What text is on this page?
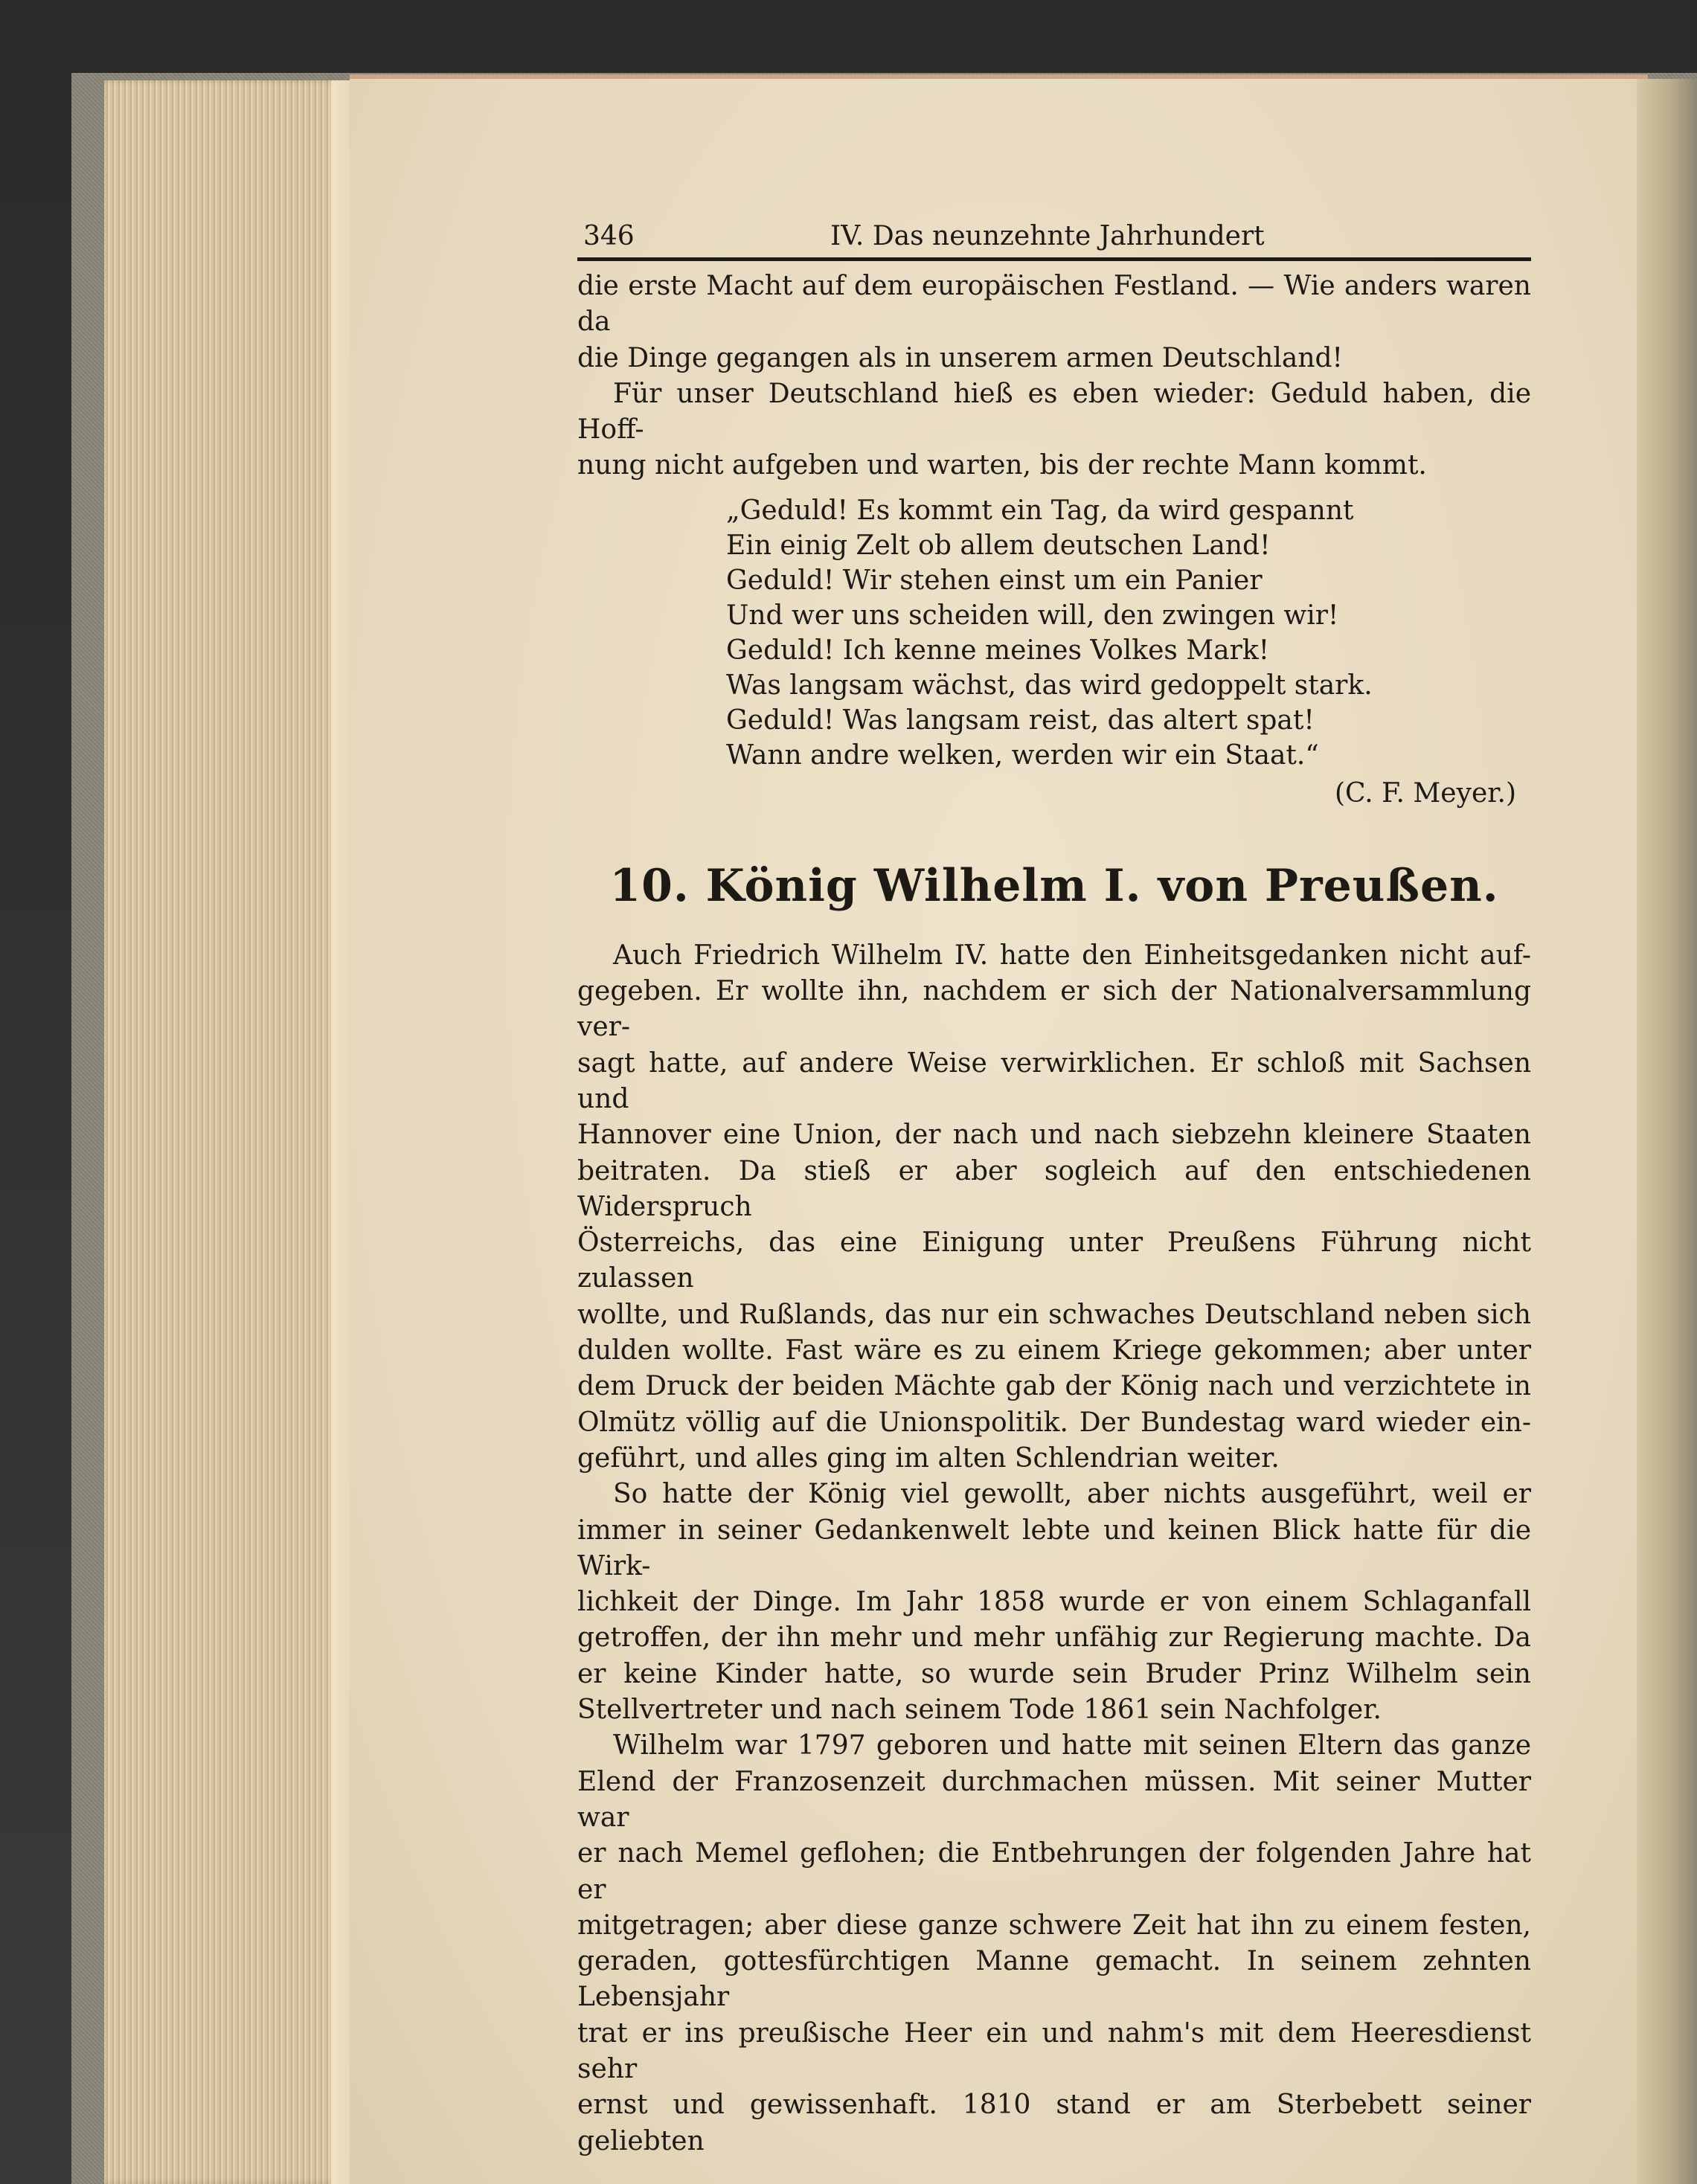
346	IV. Das neunzehnte Jahrhundert

die erste Macht auf dem europäischen Festland. — Wie anders waren da
die Dinge gegangen als in unserem armen Deutschland!

Für unser Deutschland hieß es eben wieder: Geduld haben, die Hoff-
nung nicht aufgeben und warten, bis der rechte Mann kommt.

„Geduld! Es kommt ein Tag, da wird gespannt
Ein einig Zelt ob allem deutschen Land!
Geduld! Wir stehen einst um ein Panier
Und wer uns scheiden will, den zwingen wir!
Geduld! Ich kenne meines Volkes Mark!
Was langsam wächst, das wird gedoppelt stark.
Geduld! Was langsam reist, das altert spat!
Wann andre welken, werden wir ein Staat.“
(C. F. Meyer.)
10. König Wilhelm I. von Preußen.

Auch Friedrich Wilhelm IV. hatte den Einheitsgedanken nicht auf-
gegeben. Er wollte ihn, nachdem er sich der Nationalversammlung ver-
sagt hatte, auf andere Weise verwirklichen. Er schloß mit Sachsen und
Hannover eine Union, der nach und nach siebzehn kleinere Staaten
beitraten. Da stieß er aber sogleich auf den entschiedenen Widerspruch
Österreichs, das eine Einigung unter Preußens Führung nicht zulassen
wollte, und Rußlands, das nur ein schwaches Deutschland neben sich
dulden wollte. Fast wäre es zu einem Kriege gekommen; aber unter
dem Druck der beiden Mächte gab der König nach und verzichtete in
Olmütz völlig auf die Unionspolitik. Der Bundestag ward wieder ein-
geführt, und alles ging im alten Schlendrian weiter.

So hatte der König viel gewollt, aber nichts ausgeführt, weil er
immer in seiner Gedankenwelt lebte und keinen Blick hatte für die Wirk-
lichkeit der Dinge. Im Jahr 1858 wurde er von einem Schlaganfall
getroffen, der ihn mehr und mehr unfähig zur Regierung machte. Da
er keine Kinder hatte, so wurde sein Bruder Prinz Wilhelm sein
Stellvertreter und nach seinem Tode 1861 sein Nachfolger.

Wilhelm war 1797 geboren und hatte mit seinen Eltern das ganze
Elend der Franzosenzeit durchmachen müssen. Mit seiner Mutter war
er nach Memel geflohen; die Entbehrungen der folgenden Jahre hat er
mitgetragen; aber diese ganze schwere Zeit hat ihn zu einem festen,
geraden, gottesfürchtigen Manne gemacht. In seinem zehnten Lebensjahr
trat er ins preußische Heer ein und nahm's mit dem Heeresdienst sehr
ernst und gewissenhaft. 1810 stand er am Sterbebett seiner geliebten
